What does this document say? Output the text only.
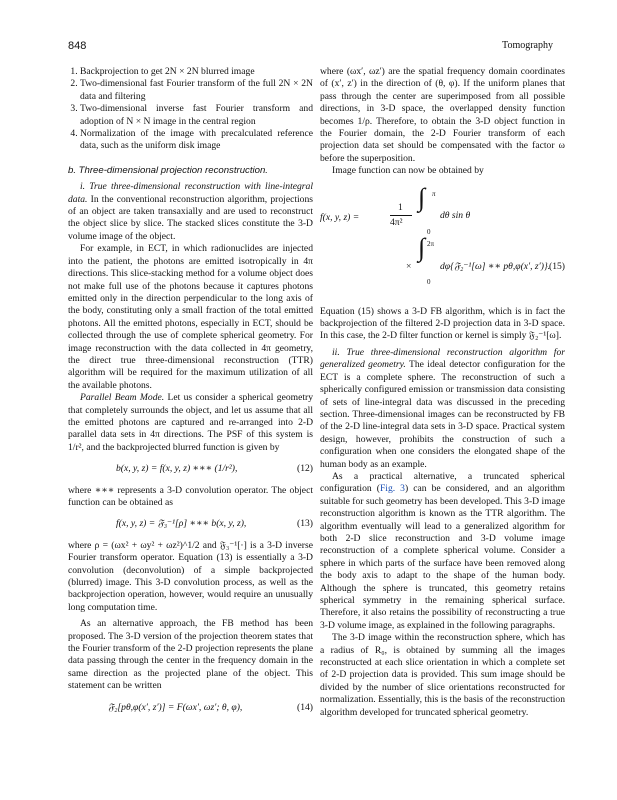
848	Tomography
1. Backprojection to get 2N × 2N blurred image
2. Two-dimensional fast Fourier transform of the full 2N × 2N data and filtering
3. Two-dimensional inverse fast Fourier transform and adoption of N × N image in the central region
4. Normalization of the image with precalculated reference data, such as the uniform disk image
b. Three-dimensional projection reconstruction.

i. True three-dimensional reconstruction with line-integral data. In the conventional reconstruction algorithm, projections of an object are taken transaxially and are used to reconstruct the object slice by slice. The stacked slices constitute the 3-D volume image of the object.

For example, in ECT, in which radionuclides are injected into the patient, the photons are emitted isotropically in 4π directions. This slice-stacking method for a volume object does not make full use of the photons because it captures photons emitted only in the direction perpendicular to the long axis of the body, constituting only a small fraction of the total emitted photons. All the emitted photons, especially in ECT, should be collected through the use of complete spherical geometry. For image reconstruction with the data collected in 4π geometry, the direct true three-dimensional reconstruction (TTR) algorithm will be required for the maximum utilization of all the available photons.

Parallel Beam Mode. Let us consider a spherical geometry that completely surrounds the object, and let us assume that all the emitted photons are captured and re-arranged into 2-D parallel data sets in 4π directions. The PSF of this system is 1/r², and the backprojected blurred function is given by

b(x, y, z) = f(x, y, z) ∗∗∗ (1/r²),	(12)

where ∗∗∗ represents a 3-D convolution operator. The object function can be obtained as

f(x, y, z) = 𝔉₃⁻¹[ρ] ∗∗∗ b(x, y, z),	(13)

where ρ = (ωx² + ωy² + ωz²)^1/2 and 𝔉₃⁻¹[·] is a 3-D inverse Fourier transform operator. Equation (13) is essentially a 3-D convolution (deconvolution) of a simple backprojected (blurred) image. This 3-D convolution process, as well as the backprojection operation, however, would require an unusually long computation time.

As an alternative approach, the FB method has been proposed. The 3-D version of the projection theorem states that the Fourier transform of the 2-D projection represents the plane data passing through the center in the frequency domain in the same direction as the projected plane of the object. This statement can be written

𝔉₂[pθ,φ(x′, z′)] = F(ωx′, ωz′; θ, φ),	(14)

where (ωx′, ωz′) are the spatial frequency domain coordinates of (x′, z′) in the direction of (θ, φ). If the uniform planes that pass through the center are superimposed from all possible directions, in 3-D space, the overlapped density function becomes 1/ρ. Therefore, to obtain the 3-D object function in the Fourier domain, the 2-D Fourier transform of each projection data set should be compensated with the factor ω before the superposition.

Image function can now be obtained by

f(x, y, z) =
1
4π²
∫ π
0
dθ sin θ
×
∫ 2π
0
dφ{𝔉₂⁻¹[ω] ∗∗ pθ,φ(x′, z′)}.
(15)

Equation (15) shows a 3-D FB algorithm, which is in fact the backprojection of the filtered 2-D projection data in 3-D space. In this case, the 2-D filter function or kernel is simply 𝔉₂⁻¹[ω].

ii. True three-dimensional reconstruction algorithm for generalized geometry. The ideal detector configuration for the ECT is a complete sphere. The reconstruction of such a spherically configured emission or transmission data consisting of sets of line-integral data was discussed in the preceding section. Three-dimensional images can be reconstructed by FB of the 2-D line-integral data sets in 3-D space. Practical system design, however, prohibits the construction of such a configuration when one considers the elongated shape of the human body as an example.

As a practical alternative, a truncated spherical configuration (Fig. 3) can be considered, and an algorithm suitable for such geometry has been developed. This 3-D image reconstruction algorithm is known as the TTR algorithm. The algorithm eventually will lead to a generalized algorithm for both 2-D slice reconstruction and 3-D volume image reconstruction of a complete spherical volume. Consider a sphere in which parts of the surface have been removed along the body axis to adapt to the shape of the human body. Although the sphere is truncated, this geometry retains spherical symmetry in the remaining spherical surface. Therefore, it also retains the possibility of reconstructing a true 3-D volume image, as explained in the following paragraphs.

The 3-D image within the reconstruction sphere, which has a radius of R₀, is obtained by summing all the images reconstructed at each slice orientation in which a complete set of 2-D projection data is provided. This sum image should be divided by the number of slice orientations reconstructed for normalization. Essentially, this is the basis of the reconstruction algorithm developed for truncated spherical geometry.
